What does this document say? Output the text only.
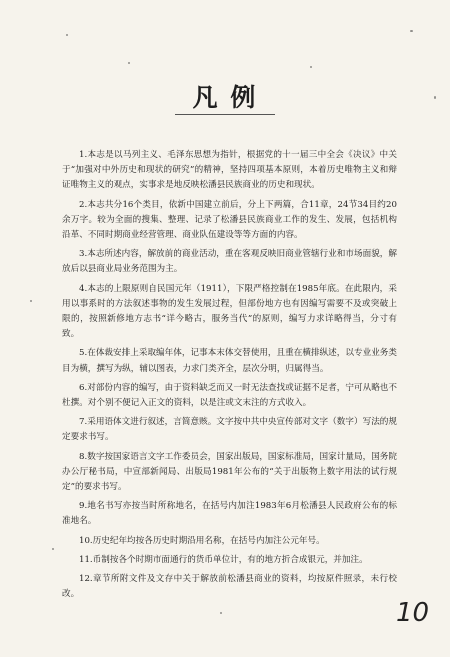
凡 例

1.本志是以马列主义、毛泽东思想为指针，根据党的十一届三中全会《决议》中关于“加强对中外历史和现状的研究”的精神，坚持四项基本原则，本着历史唯物主义和辩证唯物主义的观点，实事求是地反映松潘县民族商业的历史和现状。

2.本志共分16个类目，依新中国建立前后，分上下两篇，合11章，24节34目约20余万字。较为全面的搜集、整理、记录了松潘县民族商业工作的发生、发展，包括机构沿革、不同时期商业经营管理、商业队伍建设等等方面的内容。

3.本志所述内容，解放前的商业活动，重在客观反映旧商业管辖行业和市场面貌，解放后以县商业局业务范围为主。

4.本志的上限原则自民国元年（1911），下限严格控制在1985年底。在此限内，采用以事系时的方法叙述事物的发生发展过程，但部份地方也有因编写需要不及或突破上限的，按照新修地方志书“详今略古，服务当代”的原则，编写力求详略得当，分寸有致。

5.在体裁安排上采取编年体，记事本末体交替使用，且重在横排纵述，以专业业务类目为横，撰写为纵，辅以图表，力求门类齐全，层次分明，归属得当。

6.对部份内容的编写，由于资料缺乏而又一时无法查找或证据不足者，宁可从略也不杜撰。对个别不便记入正文的资料，以是注或文末注的方式收入。

7.采用语体文进行叙述，言简意赅。文字按中共中央宣传部对文字（数字）写法的规定要求书写。

8.数字按国家语言文字工作委员会，国家出版局，国家标准局，国家计量局，国务院办公厅秘书局，中宣部新闻局、出版局1981年公布的“关于出版物上数字用法的试行规定”的要求书写。

9.地名书写亦按当时所称地名，在括号内加注1983年6月松潘县人民政府公布的标准地名。

10.历史纪年均按各历史时期沿用名称，在括号内加注公元年号。

11.币制按各个时期市面通行的货币单位计，有的地方折合成银元，并加注。

12.章节所附文件及文存中关于解放前松潘县商业的资料，均按原件照录，未行校改。

10
